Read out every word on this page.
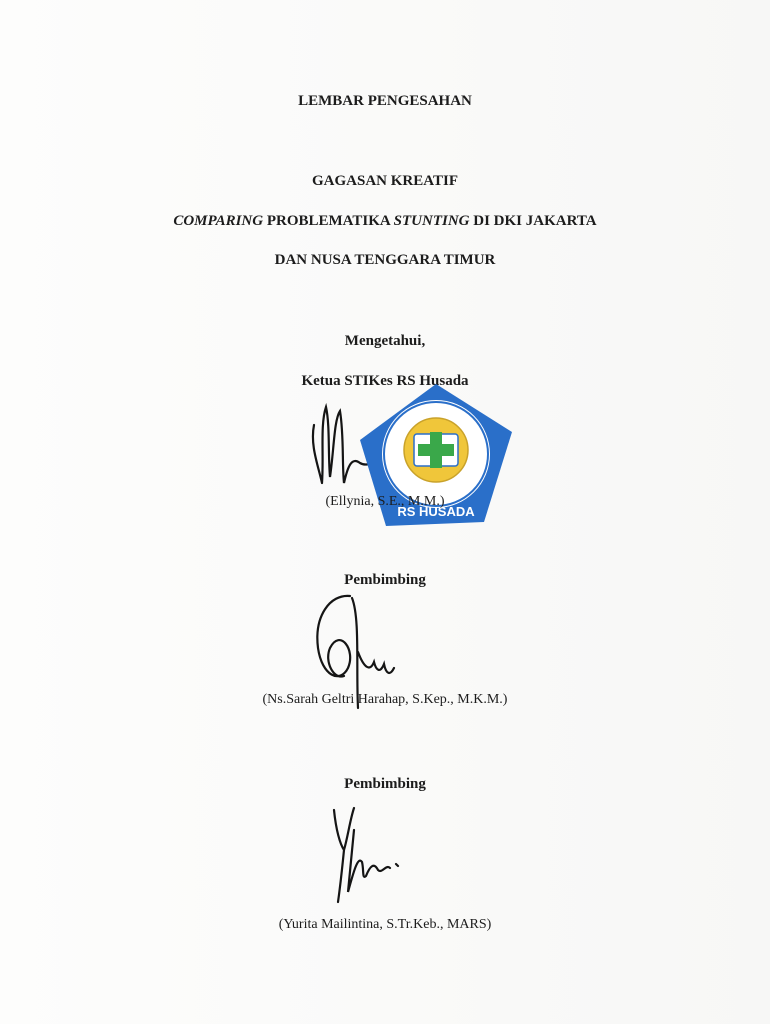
LEMBAR PENGESAHAN
GAGASAN KREATIF
COMPARING PROBLEMATIKA STUNTING DI DKI JAKARTA
DAN NUSA TENGGARA TIMUR
Mengetahui,
Ketua STIKes RS Husada
RS HUSADA
(Ellynia, S.E., M.M.)
Pembimbing
(Ns.Sarah Geltri Harahap, S.Kep., M.K.M.)
Pembimbing
(Yurita Mailintina, S.Tr.Keb., MARS)
